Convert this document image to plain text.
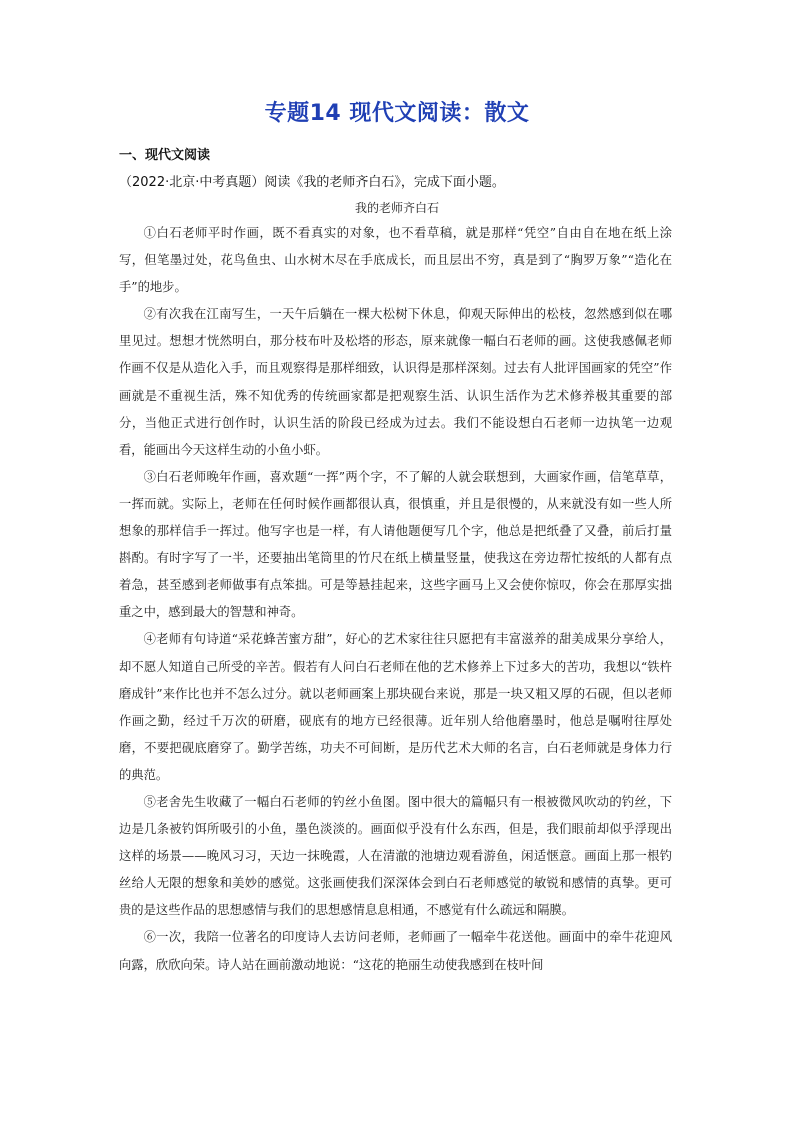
专题14 现代文阅读：散文
一、现代文阅读
（2022·北京·中考真题）阅读《我的老师齐白石》，完成下面小题。
我的老师齐白石

①白石老师平时作画，既不看真实的对象，也不看草稿，就是那样“凭空”自由自在地在纸上涂写，但笔墨过处，花鸟鱼虫、山水树木尽在手底成长，而且层出不穷，真是到了“胸罗万象”“造化在手”的地步。

②有次我在江南写生，一天午后躺在一棵大松树下休息，仰观天际伸出的松枝，忽然感到似在哪里见过。想想才恍然明白，那分枝布叶及松塔的形态，原来就像一幅白石老师的画。这使我感佩老师作画不仅是从造化入手，而且观察得是那样细致，认识得是那样深刻。过去有人批评国画家的凭空”作画就是不重视生活，殊不知优秀的传统画家都是把观察生活、认识生活作为艺术修养极其重要的部分，当他正式进行创作时，认识生活的阶段已经成为过去。我们不能设想白石老师一边执笔一边观看，能画出今天这样生动的小鱼小虾。

③白石老师晚年作画，喜欢题“一挥”两个字，不了解的人就会联想到，大画家作画，信笔草草，一挥而就。实际上，老师在任何时候作画都很认真，很慎重，并且是很慢的，从来就没有如一些人所想象的那样信手一挥过。他写字也是一样，有人请他题便写几个字，他总是把纸叠了又叠，前后打量斟酌。有时字写了一半，还要抽出笔筒里的竹尺在纸上横量竖量，使我这在旁边帮忙按纸的人都有点着急，甚至感到老师做事有点笨拙。可是等悬挂起来，这些字画马上又会使你惊叹，你会在那厚实拙重之中，感到最大的智慧和神奇。

④老师有句诗道“采花蜂苦蜜方甜”，好心的艺术家往往只愿把有丰富滋养的甜美成果分享给人，却不愿人知道自己所受的辛苦。假若有人问白石老师在他的艺术修养上下过多大的苦功，我想以“铁杵磨成针”来作比也并不怎么过分。就以老师画案上那块砚台来说，那是一块又粗又厚的石砚，但以老师作画之勤，经过千万次的研磨，砚底有的地方已经很薄。近年别人给他磨墨时，他总是嘱咐往厚处磨，不要把砚底磨穿了。勤学苦练，功夫不可间断，是历代艺术大师的名言，白石老师就是身体力行的典范。

⑤老舍先生收藏了一幅白石老师的钓丝小鱼图。图中很大的篇幅只有一根被微风吹动的钓丝，下边是几条被钓饵所吸引的小鱼，墨色淡淡的。画面似乎没有什么东西，但是，我们眼前却似乎浮现出这样的场景——晚风习习，天边一抹晚霞，人在清澈的池塘边观看游鱼，闲适惬意。画面上那一根钓丝给人无限的想象和美妙的感觉。这张画使我们深深体会到白石老师感觉的敏锐和感情的真挚。更可贵的是这些作品的思想感情与我们的思想感情息息相通，不感觉有什么疏远和隔膜。

⑥一次，我陪一位著名的印度诗人去访问老师，老师画了一幅牵牛花送他。画面中的牵牛花迎风向露，欣欣向荣。诗人站在画前激动地说：“这花的艳丽生动使我感到在枝叶间
